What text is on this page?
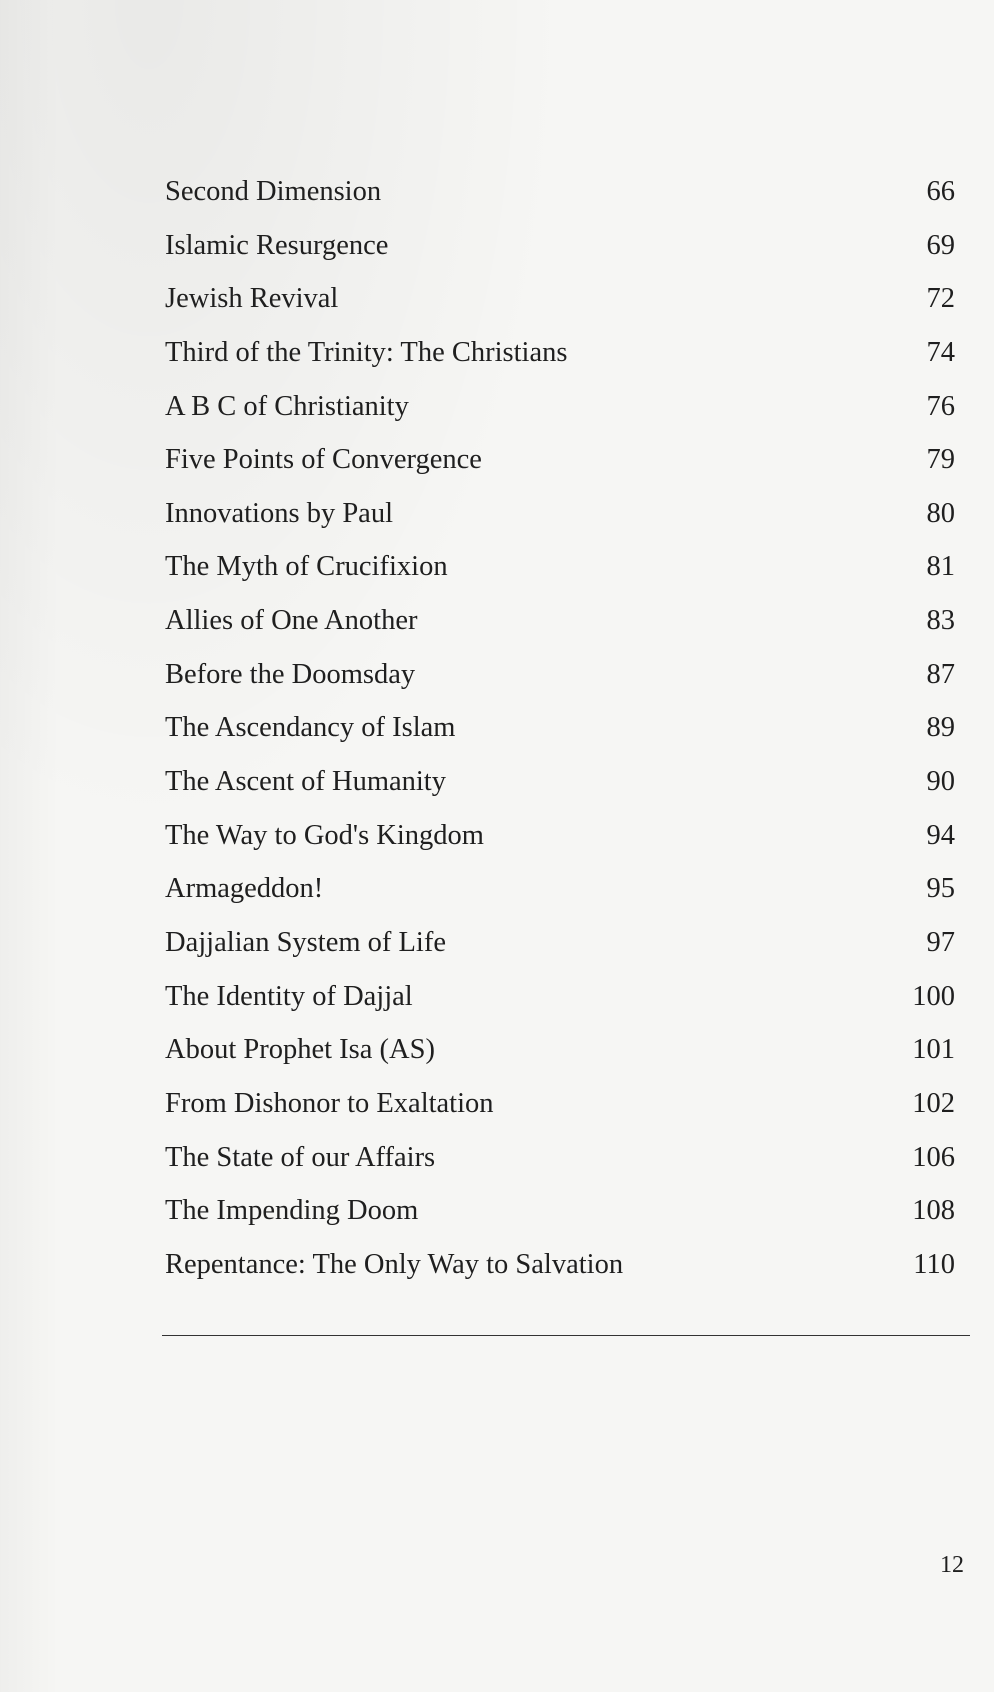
Second Dimension	66
Islamic Resurgence	69
Jewish Revival	72
Third of the Trinity: The Christians	74
A B C of Christianity	76
Five Points of Convergence	79
Innovations by Paul	80
The Myth of Crucifixion	81
Allies of One Another	83
Before the Doomsday	87
The Ascendancy of Islam	89
The Ascent of Humanity	90
The Way to God's Kingdom	94
Armageddon!	95
Dajjalian System of Life	97
The Identity of Dajjal	100
About Prophet Isa (AS)	101
From Dishonor to Exaltation	102
The State of our Affairs	106
The Impending Doom	108
Repentance: The Only Way to Salvation	110
12
